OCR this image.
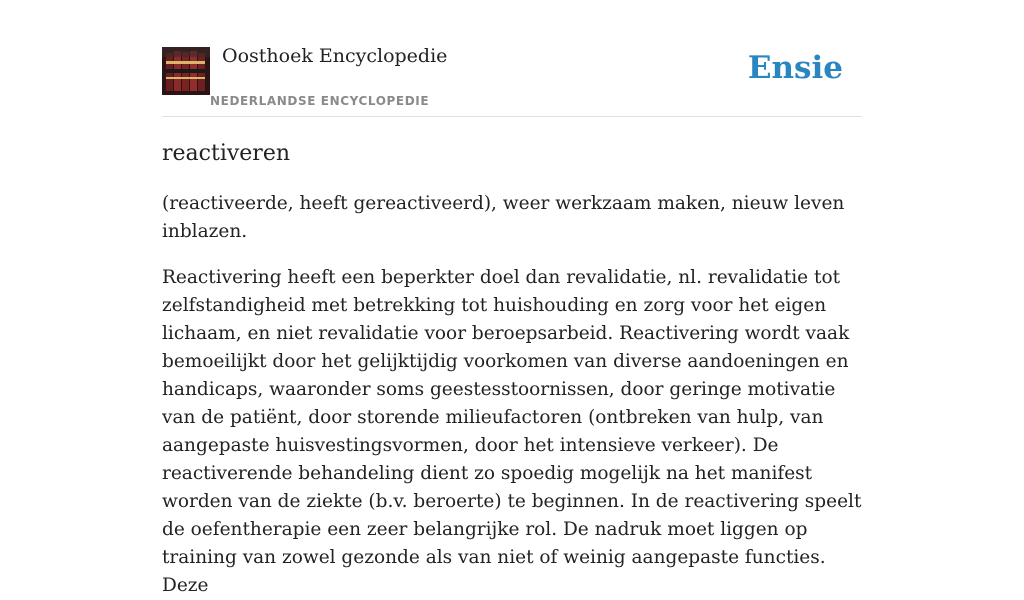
Oosthoek Encyclopedie
NEDERLANDSE ENCYCLOPEDIE
Ensie
reactiveren

(reactiveerde, heeft gereactiveerd), weer werkzaam maken, nieuw leven inblazen.

Reactivering heeft een beperkter doel dan revalidatie, nl. revalidatie tot zelfstandigheid met betrekking tot huishouding en zorg voor het eigen lichaam, en niet revalidatie voor beroepsarbeid. Reactivering wordt vaak bemoeilijkt door het gelijktijdig voorkomen van diverse aandoeningen en handicaps, waaronder soms geestesstoornissen, door geringe motivatie van de patiënt, door storende milieufactoren (ontbreken van hulp, van aangepaste huisvestingsvormen, door het intensieve verkeer). De reactiverende behandeling dient zo spoedig mogelijk na het manifest worden van de ziekte (b.v. beroerte) te beginnen. In de reactivering speelt de oefentherapie een zeer belangrijke rol. De nadruk moet liggen op training van zowel gezonde als van niet of weinig aangepaste functies. Deze
